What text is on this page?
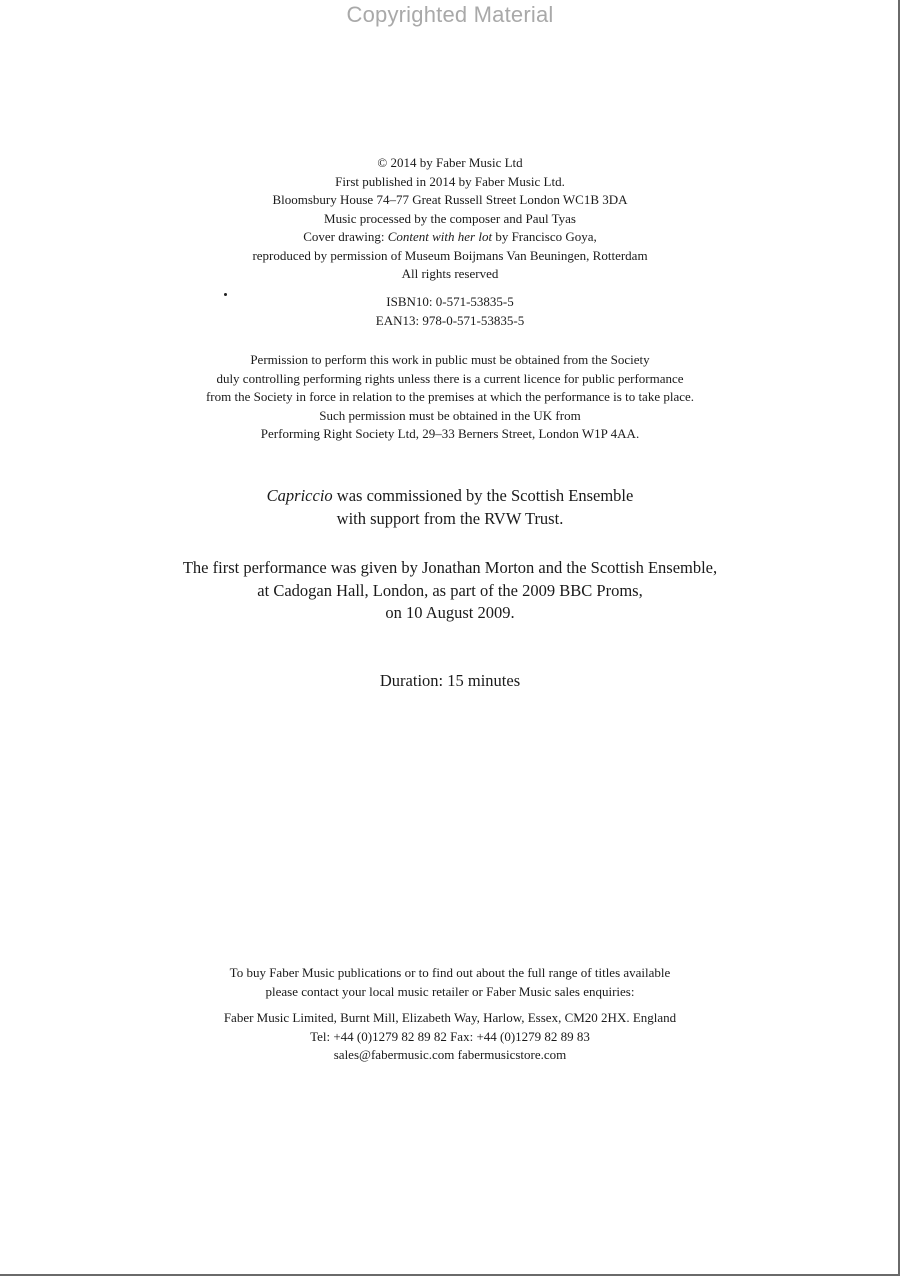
Copyrighted Material
© 2014 by Faber Music Ltd
First published in 2014 by Faber Music Ltd.
Bloomsbury House 74–77 Great Russell Street London WC1B 3DA
Music processed by the composer and Paul Tyas
Cover drawing: Content with her lot by Francisco Goya,
reproduced by permission of Museum Boijmans Van Beuningen, Rotterdam
All rights reserved
ISBN10: 0-571-53835-5
EAN13: 978-0-571-53835-5
Permission to perform this work in public must be obtained from the Society
duly controlling performing rights unless there is a current licence for public performance
from the Society in force in relation to the premises at which the performance is to take place.
Such permission must be obtained in the UK from
Performing Right Society Ltd, 29–33 Berners Street, London W1P 4AA.
Capriccio was commissioned by the Scottish Ensemble
with support from the RVW Trust.
The first performance was given by Jonathan Morton and the Scottish Ensemble,
at Cadogan Hall, London, as part of the 2009 BBC Proms,
on 10 August 2009.
Duration: 15 minutes
To buy Faber Music publications or to find out about the full range of titles available
please contact your local music retailer or Faber Music sales enquiries:
Faber Music Limited, Burnt Mill, Elizabeth Way, Harlow, Essex, CM20 2HX. England
Tel: +44 (0)1279 82 89 82 Fax: +44 (0)1279 82 89 83
sales@fabermusic.com fabermusicstore.com
